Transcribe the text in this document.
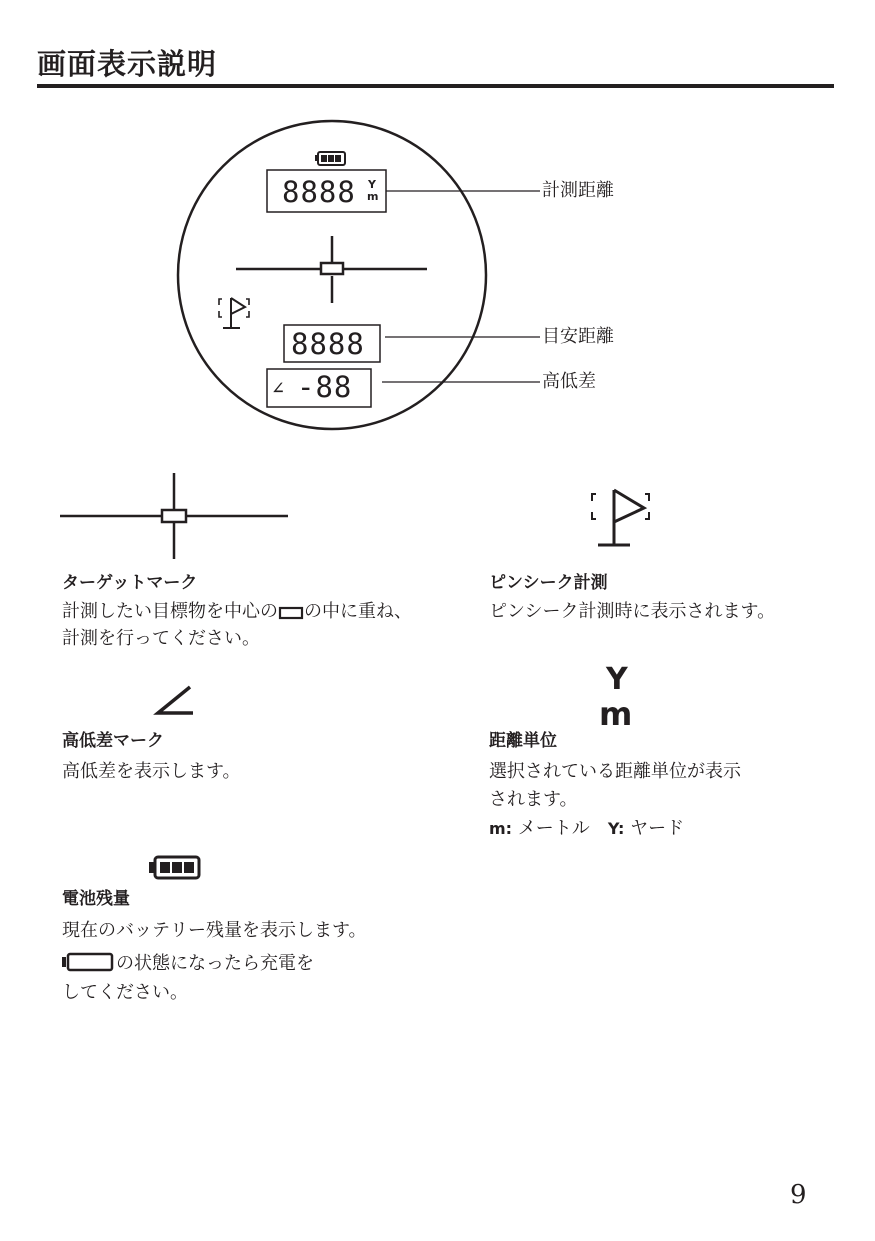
画面表示説明
8888 Y
m	計測距離
8888	目安距離
∠ -88	高低差
ターゲットマーク
計測したい目標物を中心の の中に重ね、
計測を行ってください。
ピンシーク計測
ピンシーク計測時に表示されます。
高低差マーク
高低差を表示します。
Y
m
距離単位
選択されている距離単位が表示
されます。
m: メートル　 Y: ヤード
電池残量
現在のバッテリー残量を表示します。
の状態になったら充電を
してください。
9
